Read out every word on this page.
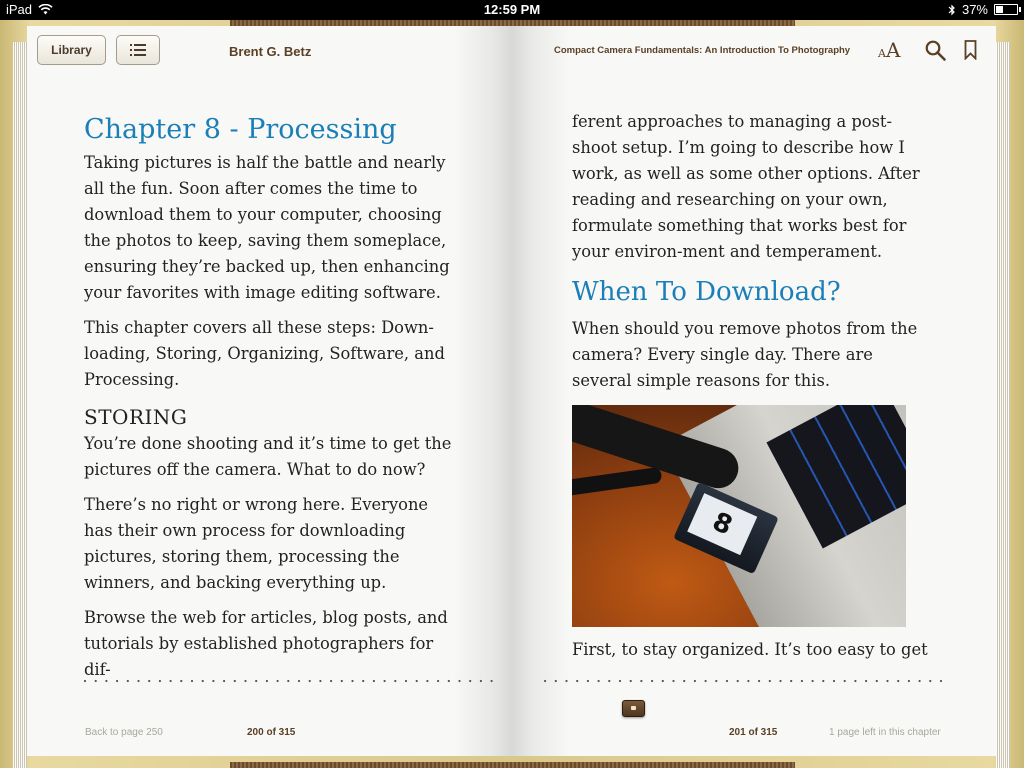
iPad	12:59 PM	37%
Library	Brent G. Betz	Compact Camera Fundamentals: An Introduction To Photography	AA
Chapter 8 - Processing

Taking pictures is half the battle and nearly all the fun. Soon after comes the time to download them to your computer, choosing the photos to keep, saving them someplace, ensuring they’re backed up, then enhancing your favorites with image editing software.

This chapter covers all these steps: Down-loading, Storing, Organizing, Software, and Processing.

STORING

You’re done shooting and it’s time to get the pictures off the camera. What to do now?

There’s no right or wrong here. Everyone has their own process for downloading pictures, storing them, processing the winners, and backing everything up.

Browse the web for articles, blog posts, and tutorials by established photographers for dif-

ferent approaches to managing a post-shoot setup. I’m going to describe how I work, as well as some other options. After reading and researching on your own, formulate something that works best for your environ-ment and temperament.

When To Download?

When should you remove photos from the camera? Every single day. There are several simple reasons for this.

8

First, to stay organized. It’s too easy to get

Back to page 250	200 of 315	201 of 315	1 page left in this chapter
